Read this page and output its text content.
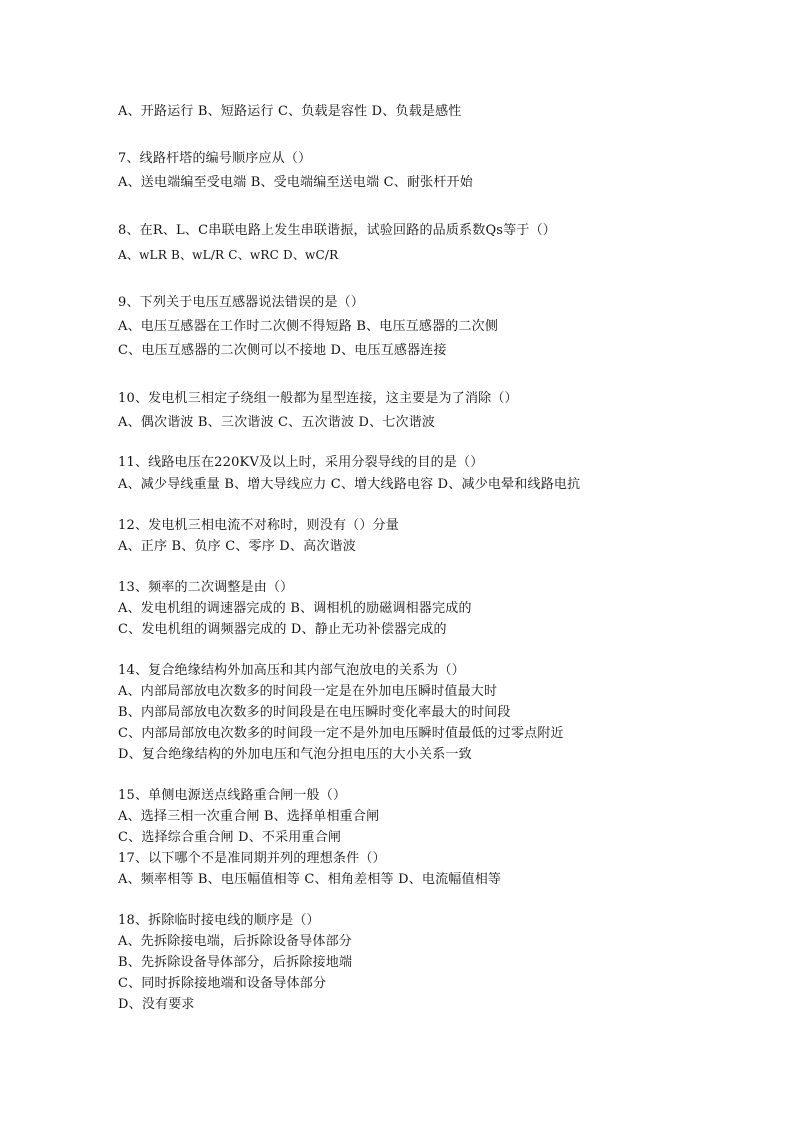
A、开路运行 B、短路运行 C、负载是容性 D、负载是感性
7、线路杆塔的编号顺序应从（）
A、送电端编至受电端 B、受电端编至送电端 C、耐张杆开始
8、在R、L、C串联电路上发生串联谐振，试验回路的品质系数Qs等于（）
A、wLR B、wL/R C、wRC D、wC/R
9、下列关于电压互感器说法错误的是（）
A、电压互感器在工作时二次侧不得短路 B、电压互感器的二次侧
C、电压互感器的二次侧可以不接地 D、电压互感器连接
10、发电机三相定子绕组一般都为星型连接，这主要是为了消除（）
A、偶次谐波 B、三次谐波 C、五次谐波 D、七次谐波
11、线路电压在220KV及以上时，采用分裂导线的目的是（）
A、减少导线重量 B、增大导线应力 C、增大线路电容 D、减少电晕和线路电抗
12、发电机三相电流不对称时，则没有（）分量
A、正序 B、负序 C、零序 D、高次谐波
13、频率的二次调整是由（）
A、发电机组的调速器完成的 B、调相机的励磁调相器完成的
C、发电机组的调频器完成的 D、静止无功补偿器完成的
14、复合绝缘结构外加高压和其内部气泡放电的关系为（）
A、内部局部放电次数多的时间段一定是在外加电压瞬时值最大时
B、内部局部放电次数多的时间段是在电压瞬时变化率最大的时间段
C、内部局部放电次数多的时间段一定不是外加电压瞬时值最低的过零点附近
D、复合绝缘结构的外加电压和气泡分担电压的大小关系一致
15、单侧电源送点线路重合闸一般（）
A、选择三相一次重合闸 B、选择单相重合闸
C、选择综合重合闸 D、不采用重合闸
17、以下哪个不是准同期并列的理想条件（）
A、频率相等 B、电压幅值相等 C、相角差相等 D、电流幅值相等
18、拆除临时接电线的顺序是（）
A、先拆除接电端，后拆除设备导体部分
B、先拆除设备导体部分，后拆除接地端
C、同时拆除接地端和设备导体部分
D、没有要求
